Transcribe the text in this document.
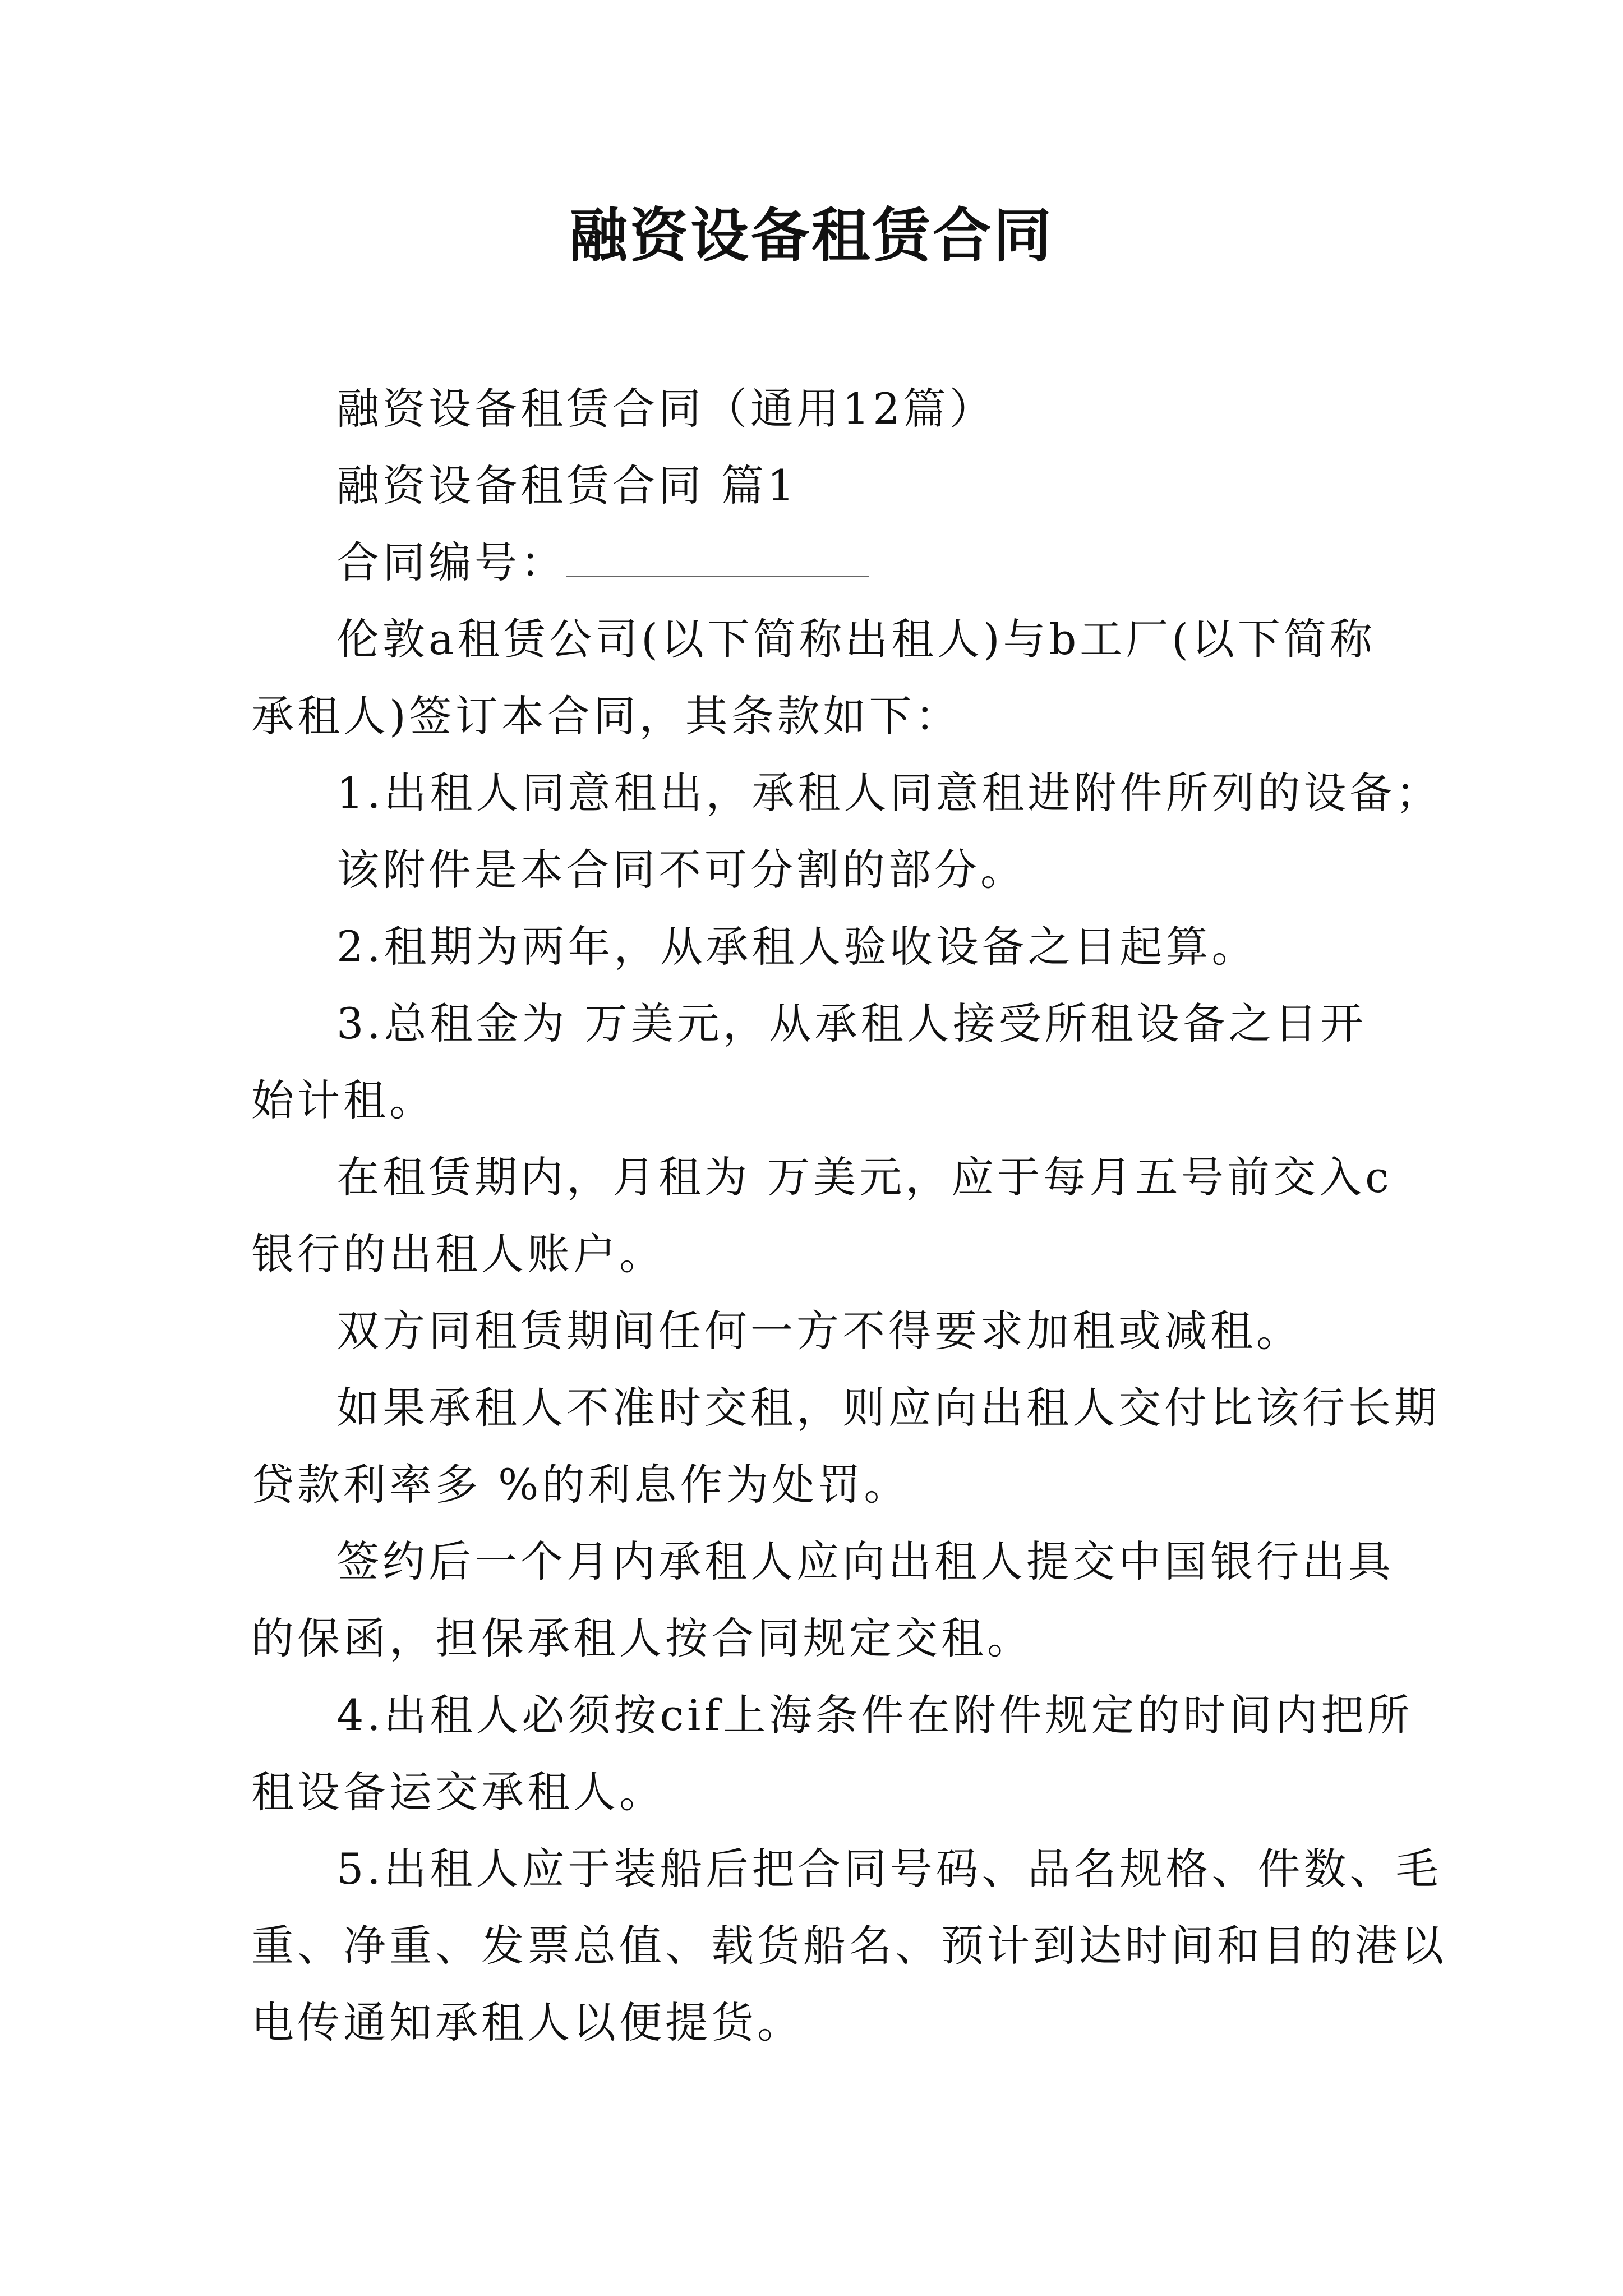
融资设备租赁合同

融资设备租赁合同（通用12篇）

融资设备租赁合同 篇1

合同编号：

伦敦a租赁公司(以下简称出租人)与b工厂(以下简称

承租人)签订本合同，其条款如下：

1.出租人同意租出，承租人同意租进附件所列的设备；

该附件是本合同不可分割的部分。

2.租期为两年，从承租人验收设备之日起算。

3.总租金为 万美元，从承租人接受所租设备之日开

始计租。

在租赁期内，月租为 万美元，应于每月五号前交入c

银行的出租人账户。

双方同租赁期间任何一方不得要求加租或减租。

如果承租人不准时交租，则应向出租人交付比该行长期

贷款利率多 %的利息作为处罚。

签约后一个月内承租人应向出租人提交中国银行出具

的保函，担保承租人按合同规定交租。

4.出租人必须按cif上海条件在附件规定的时间内把所

租设备运交承租人。

5.出租人应于装船后把合同号码、品名规格、件数、毛

重、净重、发票总值、载货船名、预计到达时间和目的港以

电传通知承租人以便提货。
